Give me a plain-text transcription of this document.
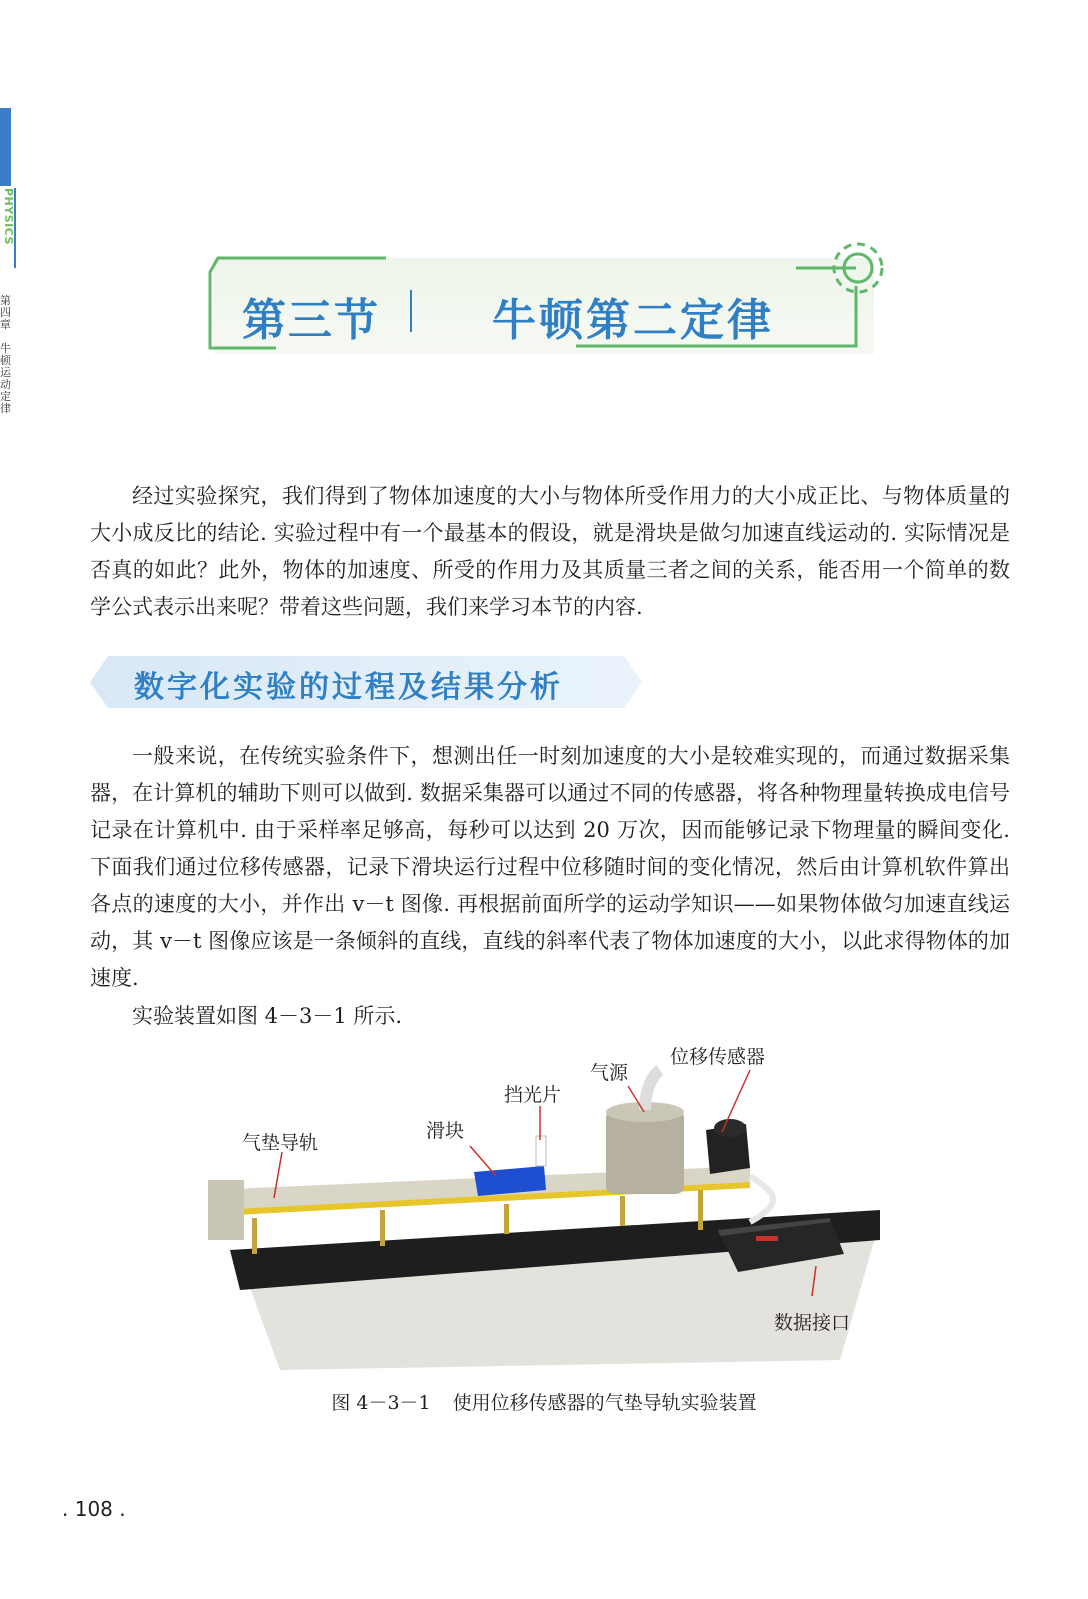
PHYSICS
第四章
牛顿运动定律
第三节	牛顿第二定律

经过实验探究，我们得到了物体加速度的大小与物体所受作用力的大小成正比、与物体质量的大小成反比的结论. 实验过程中有一个最基本的假设，就是滑块是做匀加速直线运动的. 实际情况是否真的如此？此外，物体的加速度、所受的作用力及其质量三者之间的关系，能否用一个简单的数学公式表示出来呢？带着这些问题，我们来学习本节的内容.

数字化实验的过程及结果分析

一般来说，在传统实验条件下，想测出任一时刻加速度的大小是较难实现的，而通过数据采集器，在计算机的辅助下则可以做到. 数据采集器可以通过不同的传感器，将各种物理量转换成电信号记录在计算机中. 由于采样率足够高，每秒可以达到 20 万次，因而能够记录下物理量的瞬间变化. 下面我们通过位移传感器，记录下滑块运行过程中位移随时间的变化情况，然后由计算机软件算出各点的速度的大小，并作出 v－t 图像. 再根据前面所学的运动学知识——如果物体做匀加速直线运动，其 v－t 图像应该是一条倾斜的直线，直线的斜率代表了物体加速度的大小，以此求得物体的加速度.

实验装置如图 4－3－1 所示.

气垫导轨
滑块
挡光片
气源
位移传感器
数据接口
图 4－3－1 使用位移传感器的气垫导轨实验装置
. 108 .
